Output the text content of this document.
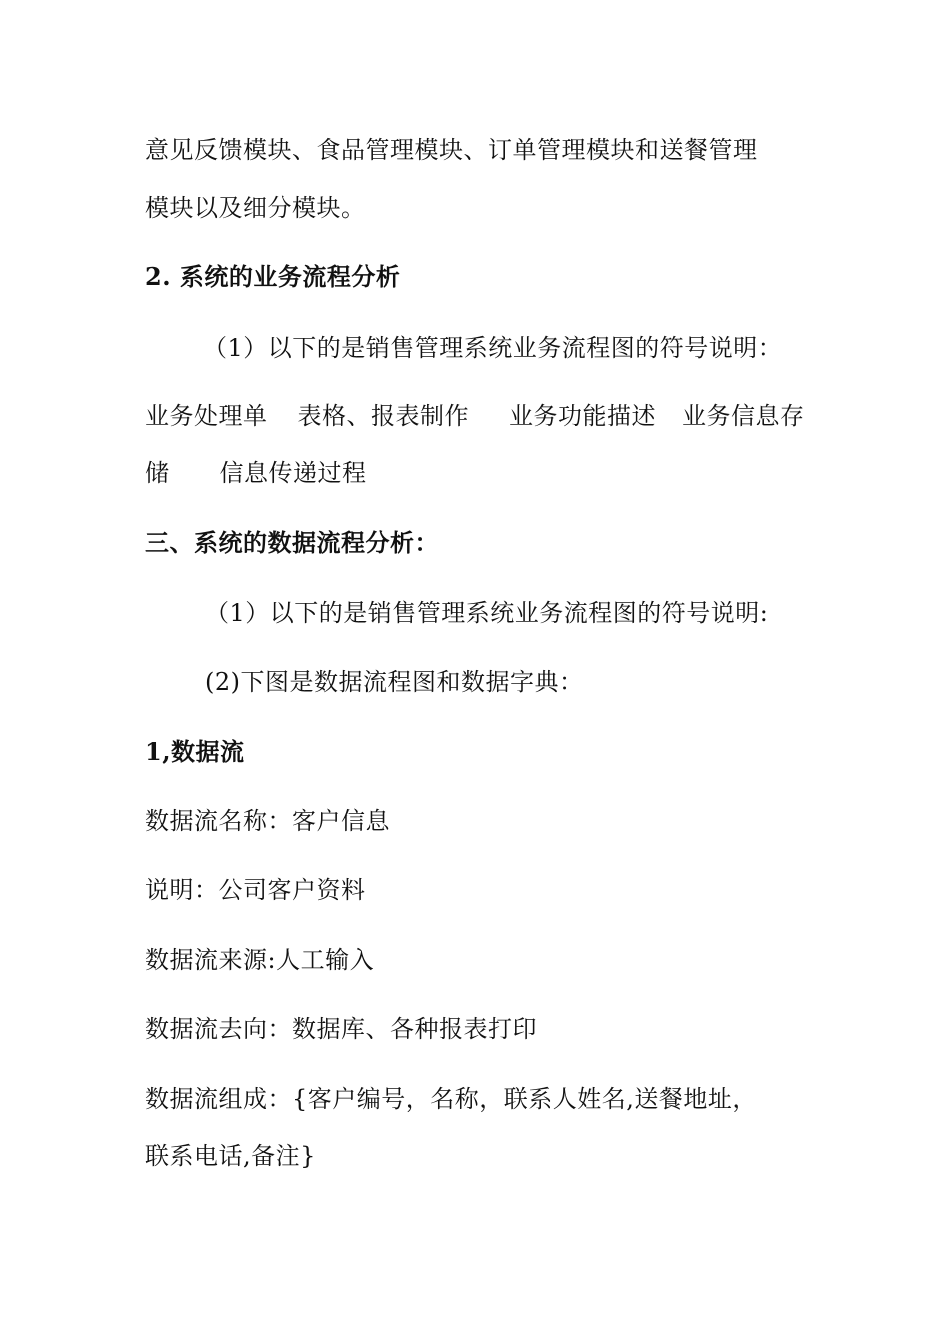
意见反馈模块、食品管理模块、订单管理模块和送餐管理
模块以及细分模块。
2. 系统的业务流程分析
（1）以下的是销售管理系统业务流程图的符号说明：
业务处理单 表格、报表制作 业务功能描述 业务信息存
储 信息传递过程
三、系统的数据流程分析：
（1）以下的是销售管理系统业务流程图的符号说明:
(2)下图是数据流程图和数据字典：
1,数据流
数据流名称：客户信息
说明：公司客户资料
数据流来源:人工输入
数据流去向：数据库、各种报表打印
数据流组成：{客户编号，名称，联系人姓名,送餐地址，
联系电话,备注}
